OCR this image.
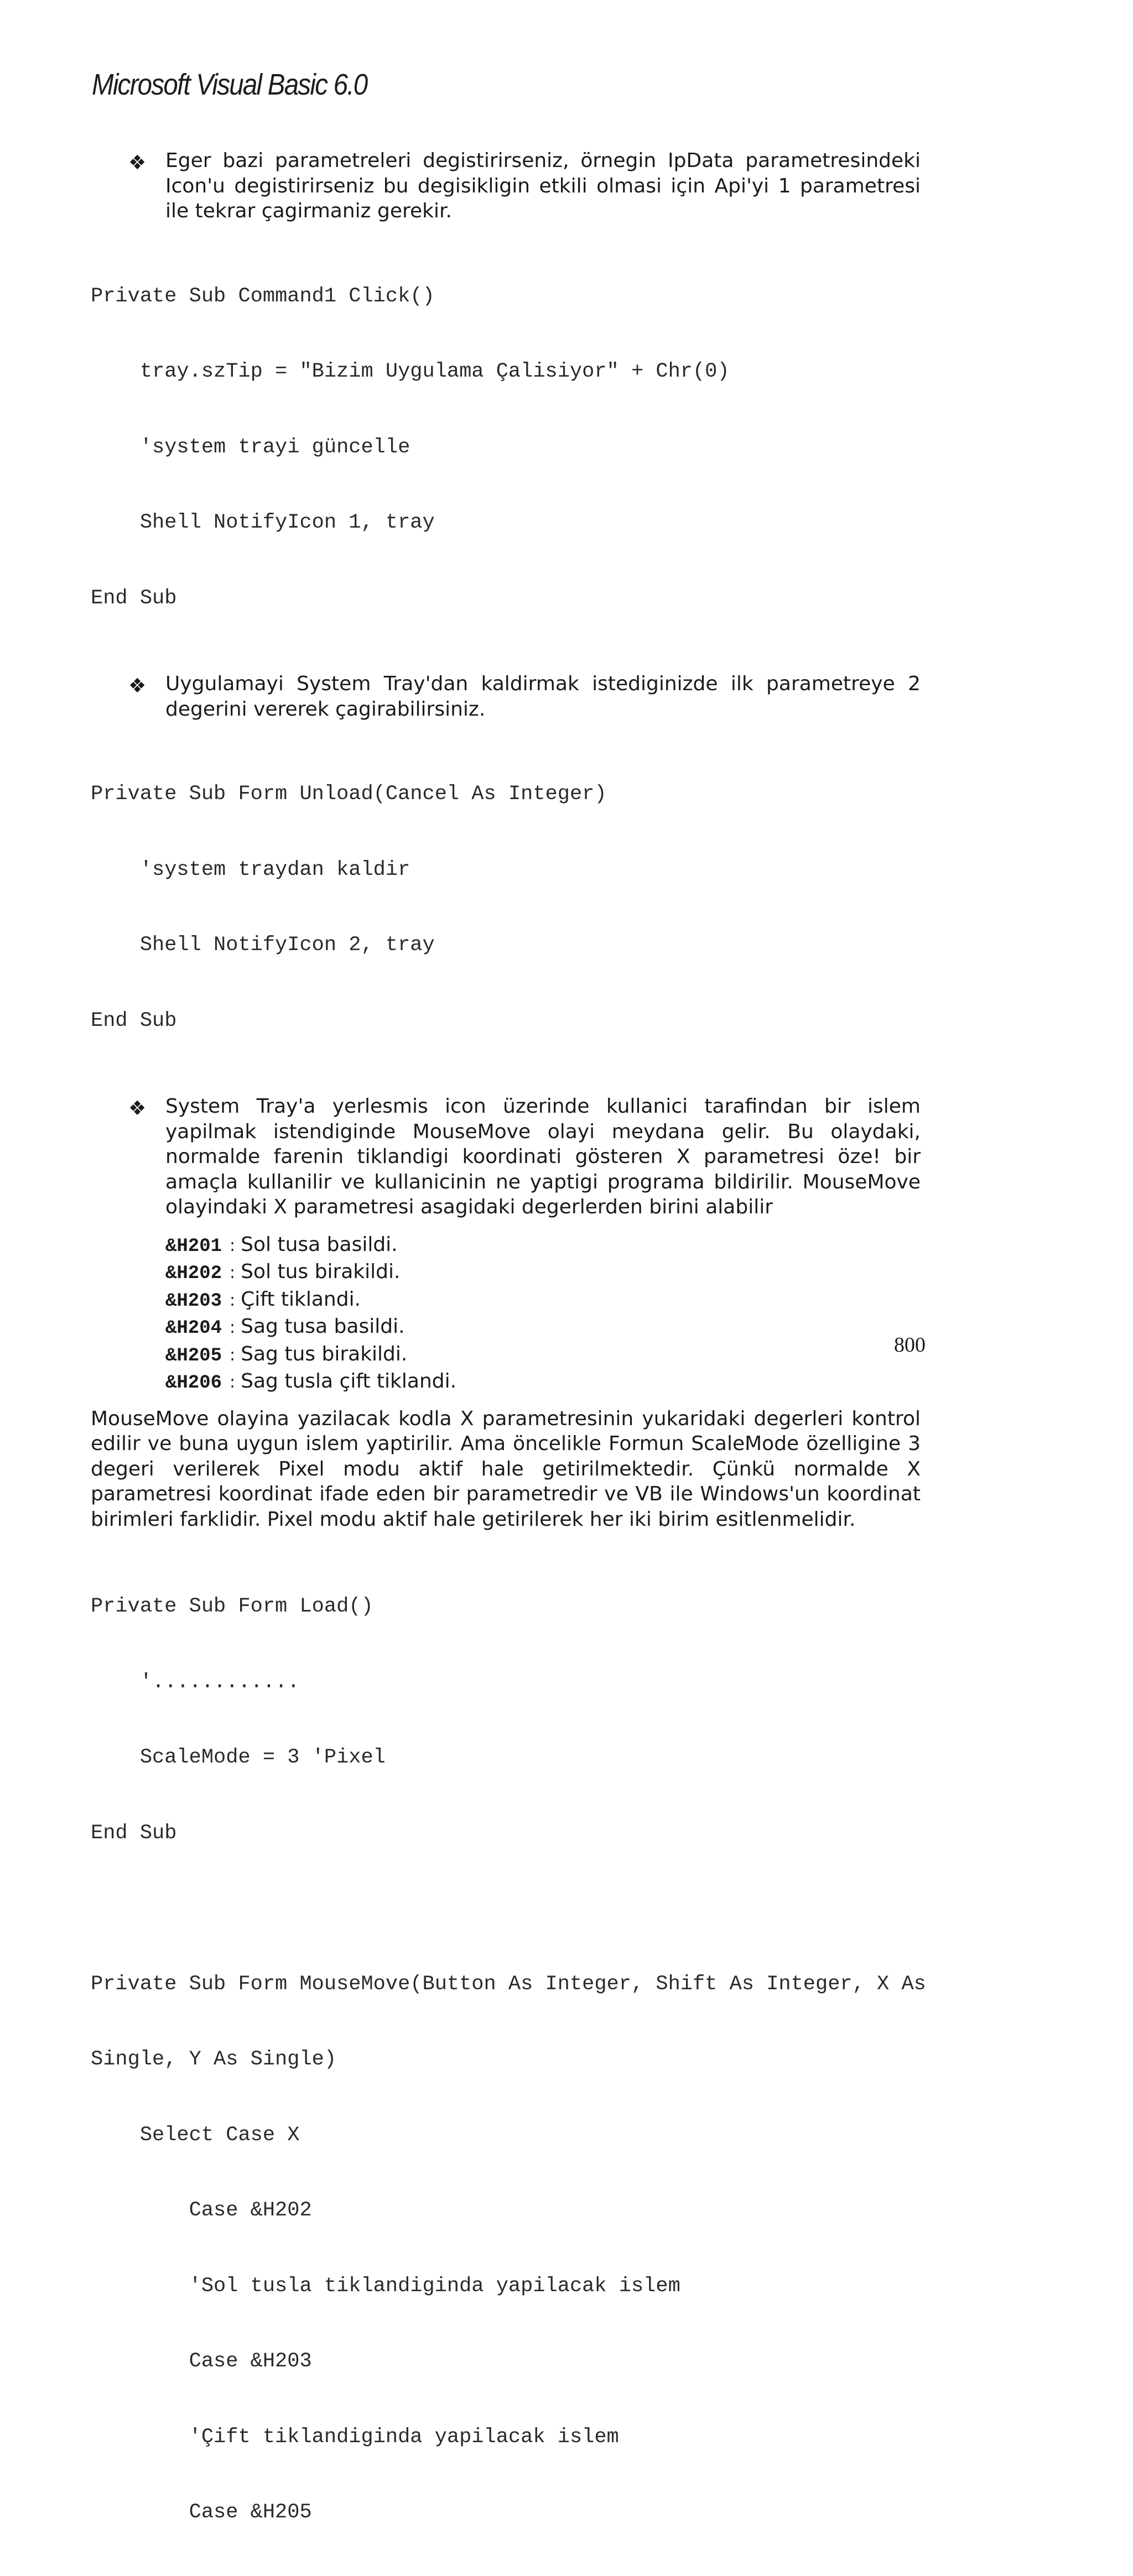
Microsoft Visual Basic 6.0
❖ Eger bazi parametreleri degistirirseniz, örnegin IpData parametresindeki Icon'u degistirirseniz bu degisikligin etkili olmasi için Api'yi 1 parametresi ile tekrar çagirmaniz gerekir.

Private Sub Command1 Click()

tray.szTip = "Bizim Uygulama Çalisiyor" + Chr(0)

'system trayi güncelle

Shell NotifyIcon 1, tray

End Sub

❖ Uygulamayi System Tray'dan kaldirmak istediginizde ilk parametreye 2 degerini vererek çagirabilirsiniz.

Private Sub Form Unload(Cancel As Integer)

'system traydan kaldir

Shell NotifyIcon 2, tray

End Sub

❖ System Tray'a yerlesmis icon üzerinde kullanici tarafindan bir islem yapilmak istendiginde MouseMove olayi meydana gelir. Bu olaydaki, normalde farenin tiklandigi koordinati gösteren X parametresi öze! bir amaçla kullanilir ve kullanicinin ne yaptigi programa bildirilir. MouseMove olayindaki X parametresi asagidaki degerlerden birini alabilir

&H201 : Sol tusa basildi.
&H202 : Sol tus birakildi.
&H203 : Çift tiklandi.
&H204 : Sag tusa basildi.
&H205 : Sag tus birakildi.
&H206 : Sag tusla çift tiklandi.

MouseMove olayina yazilacak kodla X parametresinin yukaridaki degerleri kontrol edilir ve buna uygun islem yaptirilir. Ama öncelikle Formun ScaleMode özelligine 3 degeri verilerek Pixel modu aktif hale getirilmektedir. Çünkü normalde X parametresi koordinat ifade eden bir parametredir ve VB ile Windows'un koordinat birimleri farklidir. Pixel modu aktif hale getirilerek her iki birim esitlenmelidir.

Private Sub Form Load()

'............

ScaleMode = 3 'Pixel

End Sub

Private Sub Form MouseMove(Button As Integer, Shift As Integer, X As

Single, Y As Single)

Select Case X

Case &H202

'Sol tusla tiklandiginda yapilacak islem

Case &H203

'Çift tiklandiginda yapilacak islem

Case &H205

800
